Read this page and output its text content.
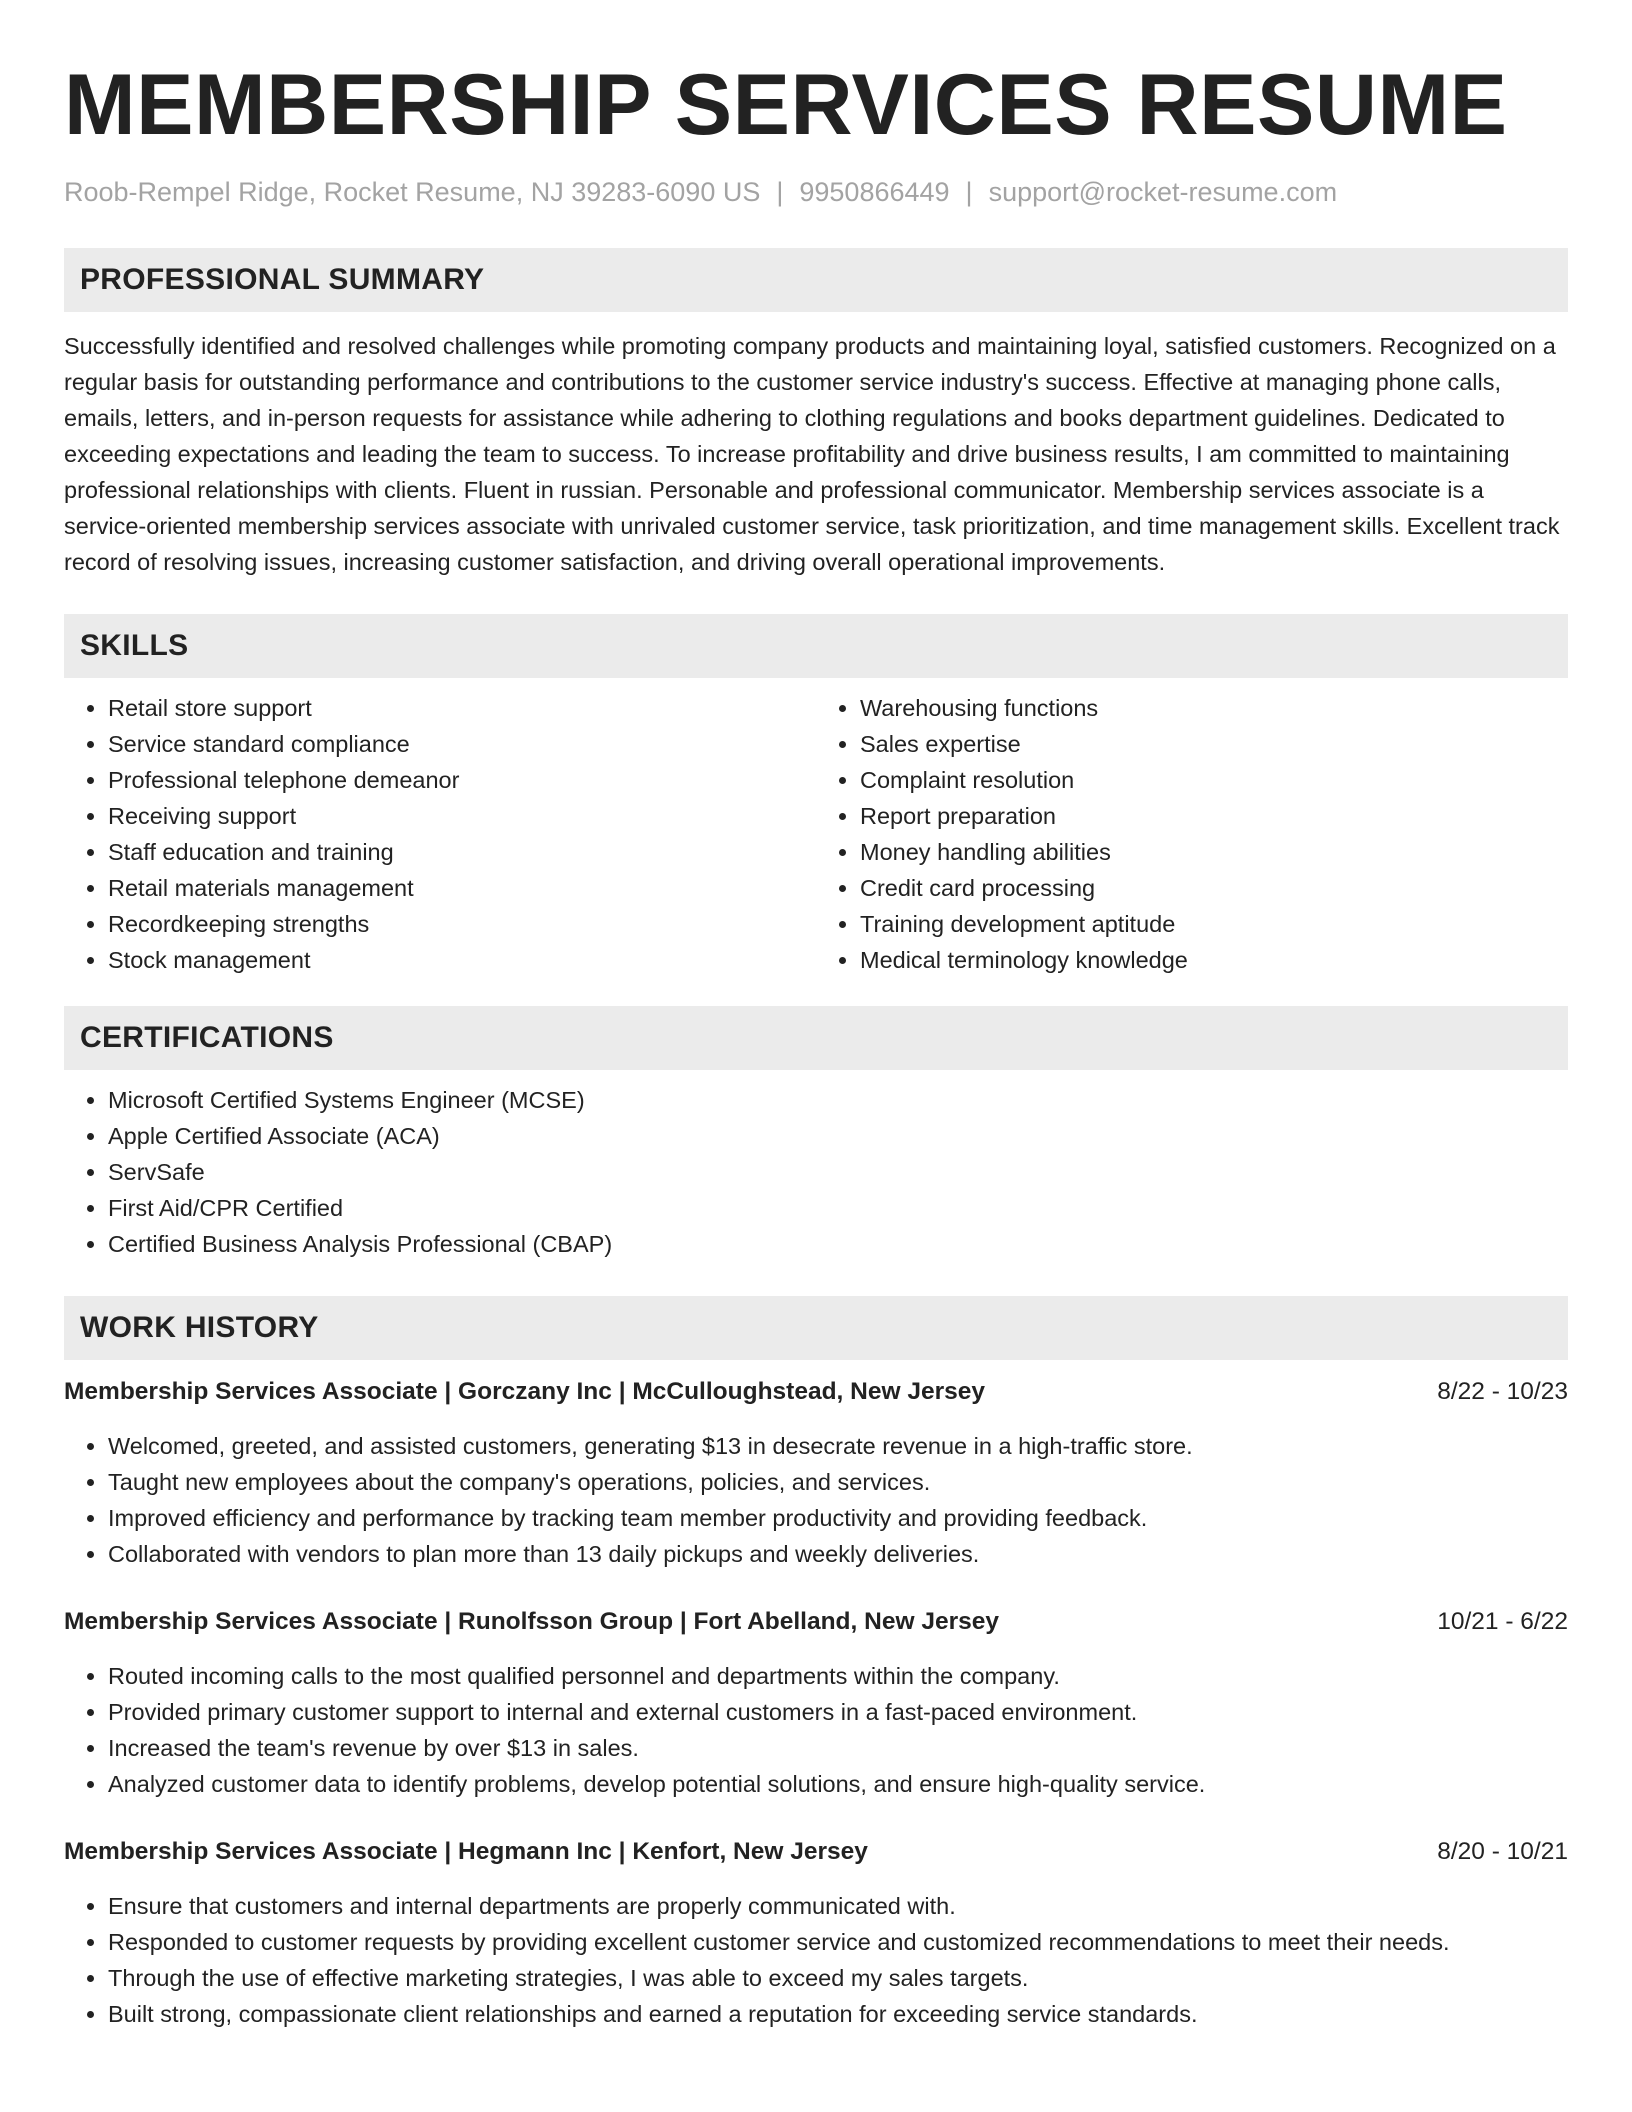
MEMBERSHIP SERVICES RESUME
Roob-Rempel Ridge, Rocket Resume, NJ 39283-6090 US | 9950866449 | support@rocket-resume.com
PROFESSIONAL SUMMARY

Successfully identified and resolved challenges while promoting company products and maintaining loyal, satisfied customers. Recognized on a regular basis for outstanding performance and contributions to the customer service industry's success. Effective at managing phone calls, emails, letters, and in-person requests for assistance while adhering to clothing regulations and books department guidelines. Dedicated to exceeding expectations and leading the team to success. To increase profitability and drive business results, I am committed to maintaining professional relationships with clients. Fluent in russian. Personable and professional communicator. Membership services associate is a service-oriented membership services associate with unrivaled customer service, task prioritization, and time management skills. Excellent track record of resolving issues, increasing customer satisfaction, and driving overall operational improvements.

SKILLS
• Retail store support
• Service standard compliance
• Professional telephone demeanor
• Receiving support
• Staff education and training
• Retail materials management
• Recordkeeping strengths
• Stock management
• Warehousing functions
• Sales expertise
• Complaint resolution
• Report preparation
• Money handling abilities
• Credit card processing
• Training development aptitude
• Medical terminology knowledge
CERTIFICATIONS
• Microsoft Certified Systems Engineer (MCSE)
• Apple Certified Associate (ACA)
• ServSafe
• First Aid/CPR Certified
• Certified Business Analysis Professional (CBAP)
WORK HISTORY
Membership Services Associate | Gorczany Inc | McCulloughstead, New Jersey	8/22 - 10/23
• Welcomed, greeted, and assisted customers, generating $13 in desecrate revenue in a high-traffic store.
• Taught new employees about the company's operations, policies, and services.
• Improved efficiency and performance by tracking team member productivity and providing feedback.
• Collaborated with vendors to plan more than 13 daily pickups and weekly deliveries.
Membership Services Associate | Runolfsson Group | Fort Abelland, New Jersey	10/21 - 6/22
• Routed incoming calls to the most qualified personnel and departments within the company.
• Provided primary customer support to internal and external customers in a fast-paced environment.
• Increased the team's revenue by over $13 in sales.
• Analyzed customer data to identify problems, develop potential solutions, and ensure high-quality service.
Membership Services Associate | Hegmann Inc | Kenfort, New Jersey	8/20 - 10/21
• Ensure that customers and internal departments are properly communicated with.
• Responded to customer requests by providing excellent customer service and customized recommendations to meet their needs.
• Through the use of effective marketing strategies, I was able to exceed my sales targets.
• Built strong, compassionate client relationships and earned a reputation for exceeding service standards.
